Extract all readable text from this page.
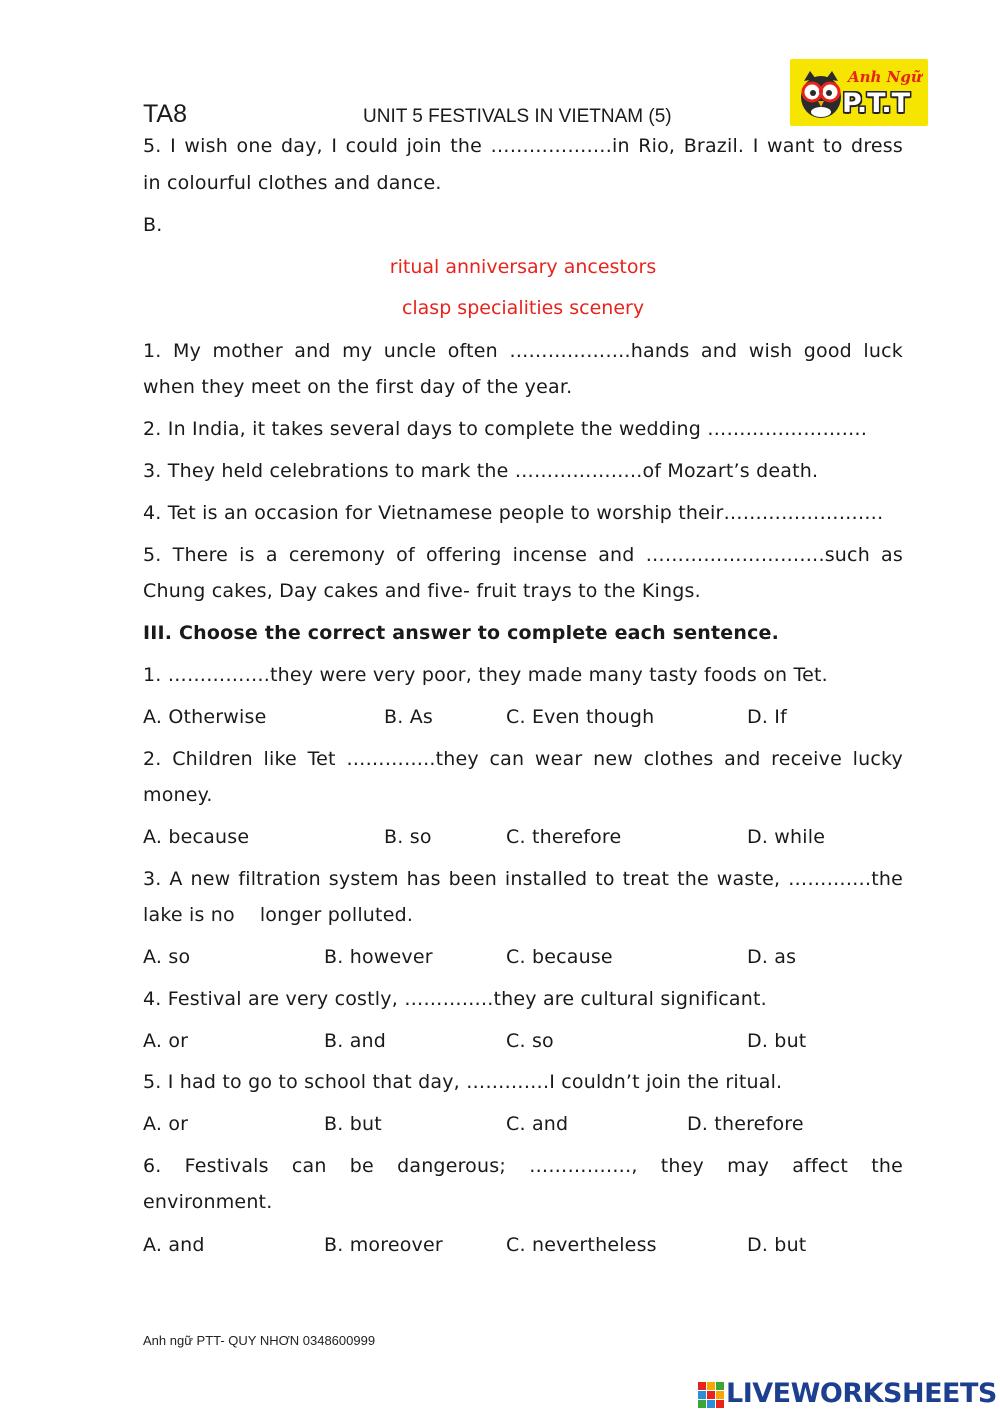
TA8	UNIT 5 FESTIVALS IN VIETNAM (5)
Anh Ngữ
P.T.T
5. I wish one day, I could join the ……………….in Rio, Brazil. I want to dress
in colourful clothes and dance.
B.
ritual anniversary ancestors
clasp specialities scenery
1. My mother and my uncle often ……………….hands and wish good luck
when they meet on the first day of the year.
2. In India, it takes several days to complete the wedding …………………….
3. They held celebrations to mark the ………………..of Mozart’s death.
4. Tet is an occasion for Vietnamese people to worship their…………………….
5. There is a ceremony of offering incense and ……………………….such as
Chung cakes, Day cakes and five- fruit trays to the Kings.
III. Choose the correct answer to complete each sentence.
1. …………….they were very poor, they made many tasty foods on Tet.
A. Otherwise	B. As	C. Even though	D. If
2. Children like Tet …………..they can wear new clothes and receive lucky
money.
A. because	B. so	C. therefore	D. while
3. A new filtration system has been installed to treat the waste, ………….the
lake is no    longer polluted.
A. so	B. however	C. because	D. as
4. Festival are very costly, …………..they are cultural significant.
A. or	B. and	C. so	D. but
5. I had to go to school that day, ………….I couldn’t join the ritual.
A. or	B. but	C. and	D. therefore
6. Festivals can be dangerous; ……………., they may affect the
environment.
A. and	B. moreover	C. nevertheless	D. but
Anh ngữ PTT- QUY NHƠN 0348600999
LIVEWORKSHEETS
